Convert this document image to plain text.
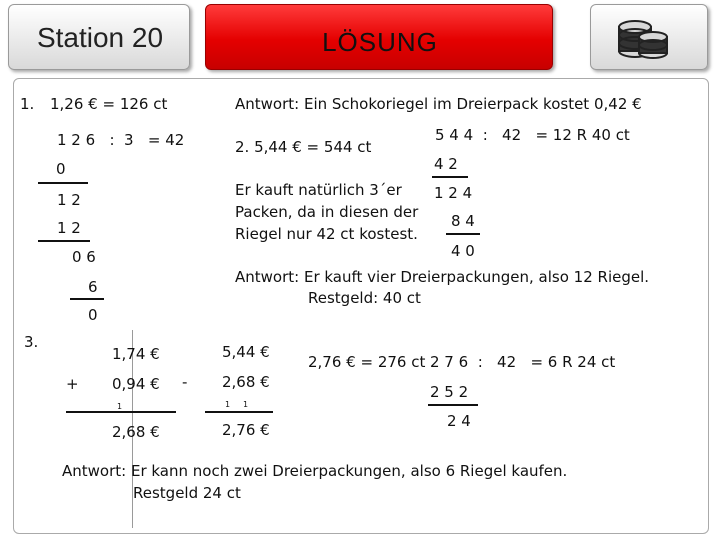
Station 20	LÖSUNG
1. 1,26 € = 126 ct
1 2 6   :  3   = 42
0
1 2
1 2
0 6
6
0
Antwort: Ein Schokoriegel im Dreierpack kostet 0,42 €
2. 5,44 € = 544 ct
Er kauft natürlich 3´er
Packen, da in diesen der
Riegel nur 42 ct kostest.
5 4 4  :   42   = 12 R 40 ct
4 2
1 2 4
8 4
4 0
Antwort: Er kauft vier Dreierpackungen, also 12 Riegel.
Restgeld: 40 ct
3.
1,74 €
+ 0,94 €
1
2,68 €
5,44 €
- 2,68 €
1 1
2,76 €
2,76 € = 276 ct 2 7 6  :   42   = 6 R 24 ct
2 5 2
2 4
Antwort: Er kann noch zwei Dreierpackungen, also 6 Riegel kaufen.
Restgeld 24 ct
